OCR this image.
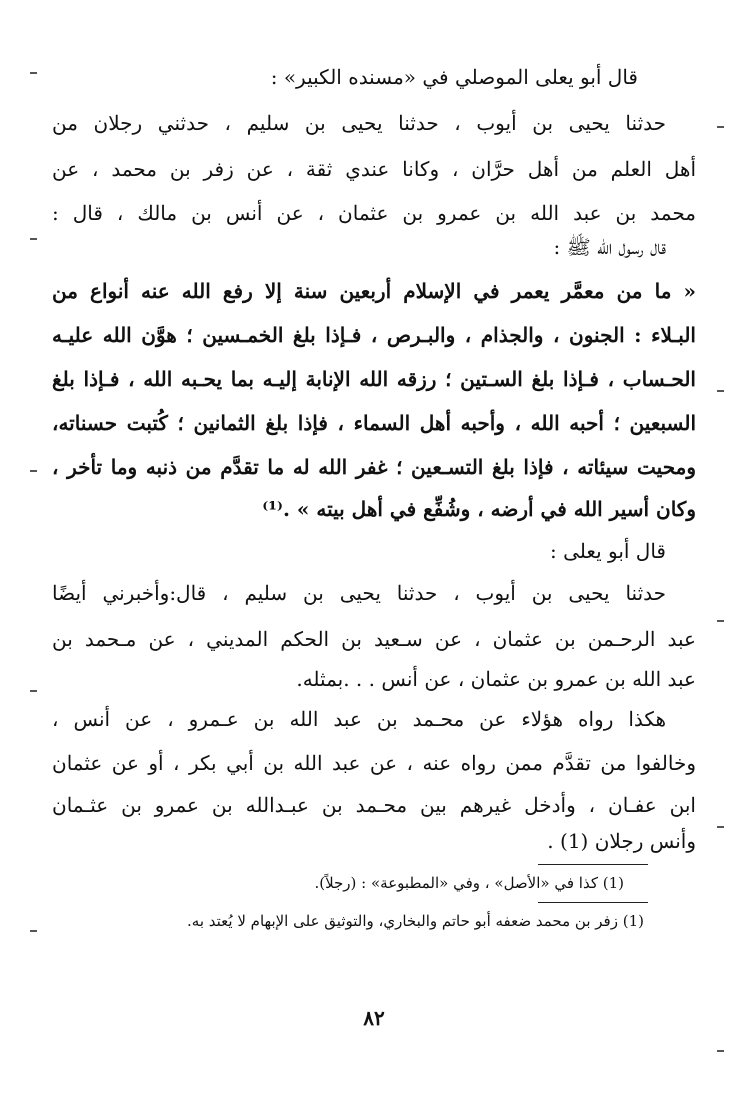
قال أبو يعلى الموصلي في «مسنده الكبير» :
حدثنا يحيى بن أيوب ، حدثنا يحيى بن سليم ، حدثني رجلان من
أهل العلم من أهل حرَّان ، وكانا عندي ثقة ، عن زفر بن محمد ، عن
محمد بن عبد الله بن عمرو بن عثمان ، عن أنس بن مالك ، قال :
قال رسول الله ﷺ :
« ما من معمَّر يعمر في الإسلام أربعين سنة إلا رفع الله عنه أنواع من
البـلاء : الجنون ، والجذام ، والبـرص ، فـإذا بلغ الخمـسين ؛ هوَّن الله عليـه
الحـساب ، فـإذا بلغ السـتين ؛ رزقه الله الإنابة إليـه بما يحـبه الله ، فـإذا بلغ
السبعين ؛ أحبه الله ، وأحبه أهل السماء ، فإذا بلغ الثمانين ؛ كُتبت حسناته،
ومحيت سيئاته ، فإذا بلغ التسـعين ؛ غفر الله له ما تقدَّم من ذنبه وما تأخر ،
وكان أسير الله في أرضه ، وشُفِّع في أهل بيته » .⁽¹⁾
قال أبو يعلى :
حدثنا يحيى بن أيوب ، حدثنا يحيى بن سليم ، قال:وأخبرني أيضًا
عبد الرحـمن بن عثمان ، عن سـعيد بن الحكم المديني ، عن مـحمد بن
عبد الله بن عمرو بن عثمان ، عن أنس . . .بمثله.
هكذا رواه هؤلاء عن محـمد بن عبد الله بن عـمرو ، عن أنس ،
وخالفوا من تقدَّم ممن رواه عنه ، عن عبد الله بن أبي بكر ، أو عن عثمان
ابن عفـان ، وأدخل غيرهم بين محـمد بن عبـدالله بن عمرو بن عثـمان
وأنس رجلان (1) .
(1) كذا في «الأصل» ، وفي «المطبوعة» : (رجلاً).
(1) زفر بن محمد ضعفه أبو حاتم والبخاري، والتوثيق على الإبهام لا يُعتد به.
٨٢
